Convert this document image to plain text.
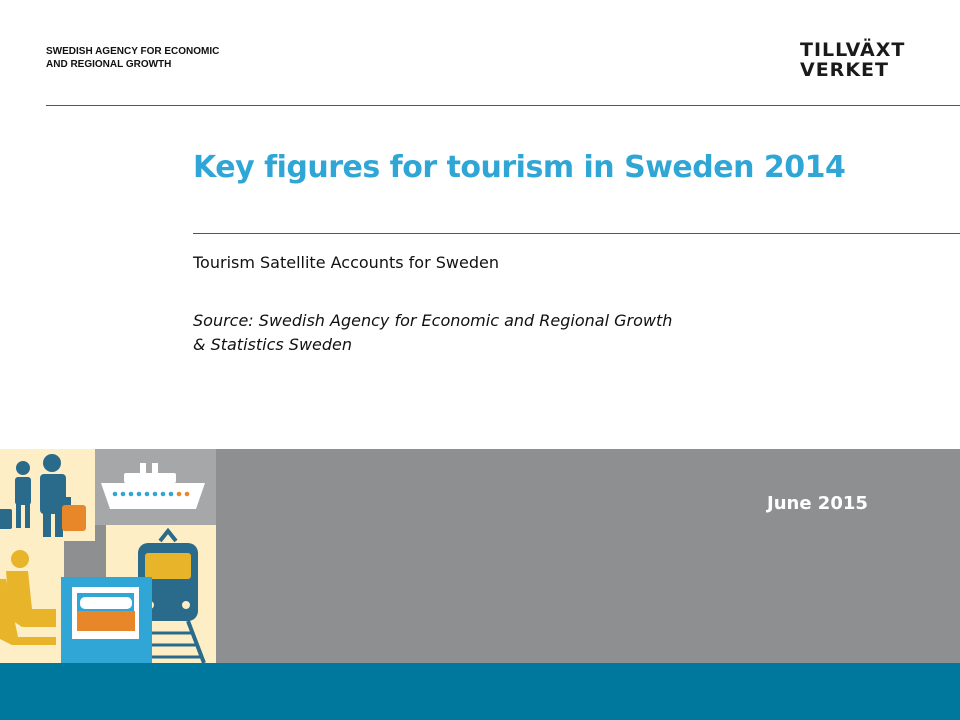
SWEDISH AGENCY FOR ECONOMIC
AND REGIONAL GROWTH
TILLVÄXT
VERKET
Key figures for tourism in Sweden 2014
Tourism Satellite Accounts for Sweden
Source: Swedish Agency for Economic and Regional Growth
& Statistics Sweden
June 2015
